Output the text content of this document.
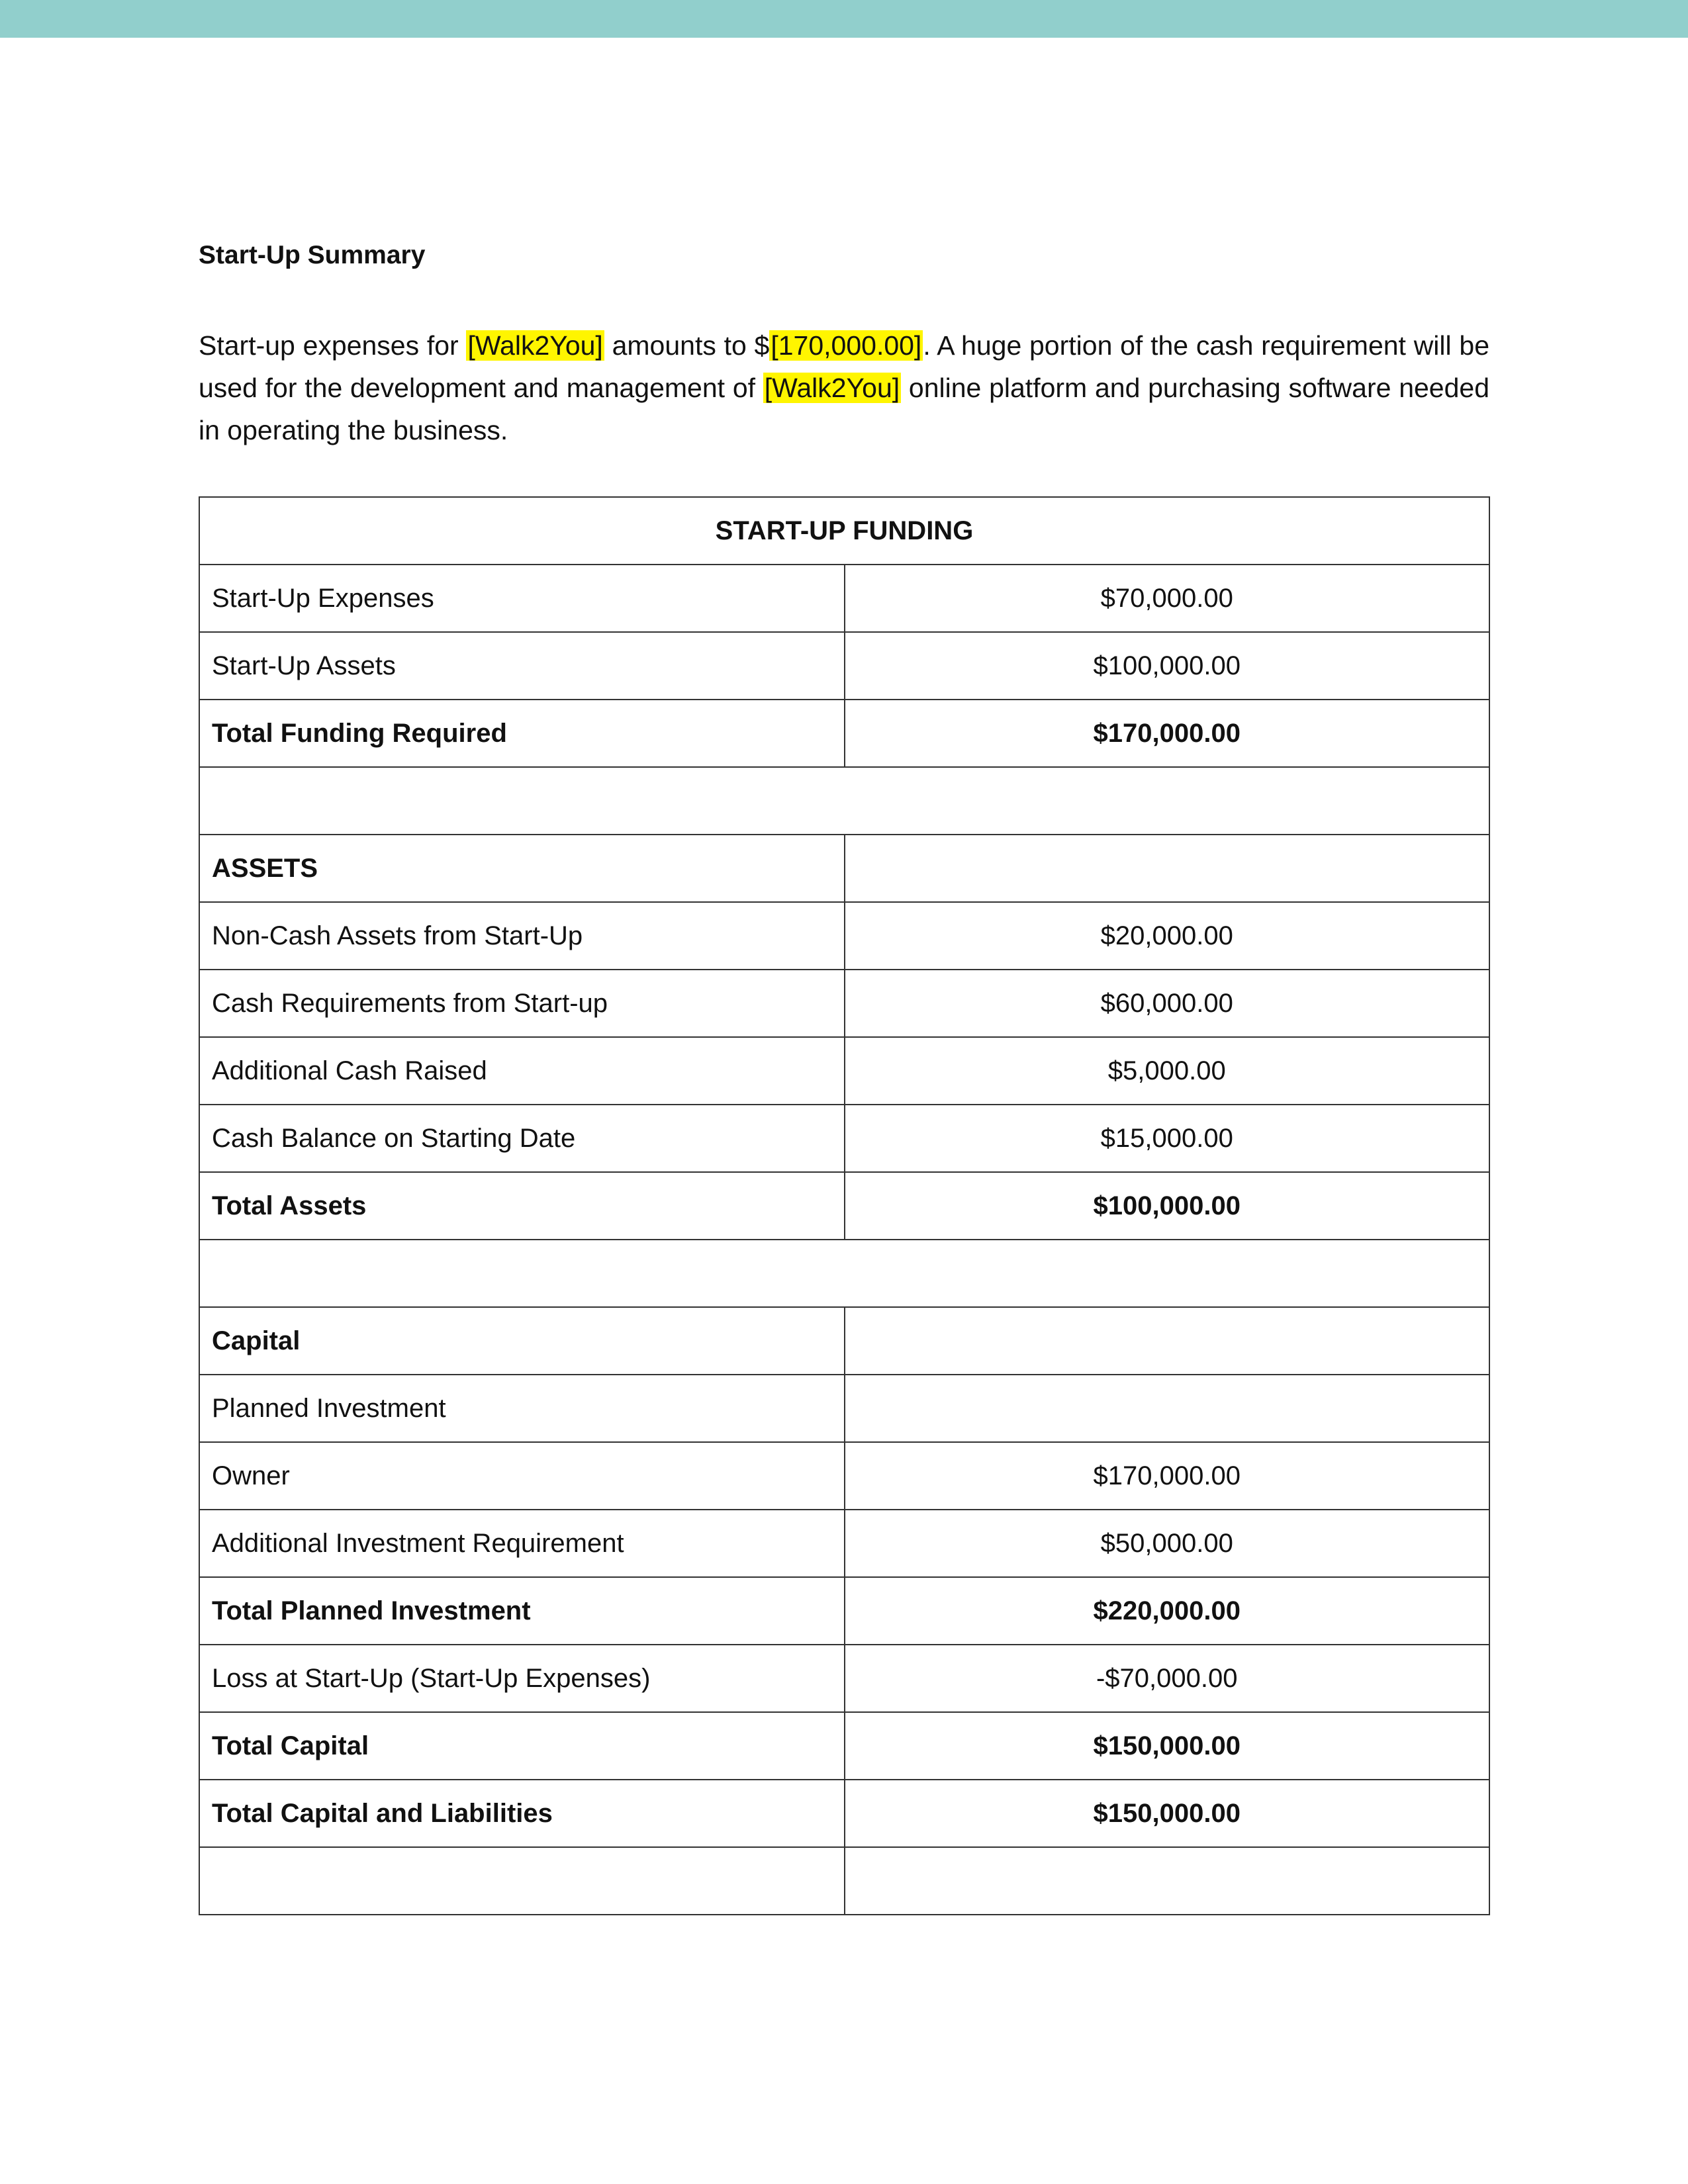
Start-Up Summary

Start-up expenses for [Walk2You] amounts to $[170,000.00]. A huge portion of the cash requirement will be used for the development and management of [Walk2You] online platform and purchasing software needed in operating the business.

START-UP FUNDING	
Start-Up Expenses	$70,000.00
Start-Up Assets	$100,000.00
Total Funding Required	$170,000.00

ASSETS	
Non-Cash Assets from Start-Up	$20,000.00
Cash Requirements from Start-up	$60,000.00
Additional Cash Raised	$5,000.00
Cash Balance on Starting Date	$15,000.00
Total Assets	$100,000.00

Capital	
Planned Investment	
Owner	$170,000.00
Additional Investment Requirement	$50,000.00
Total Planned Investment	$220,000.00
Loss at Start-Up (Start-Up Expenses)	-$70,000.00
Total Capital	$150,000.00
Total Capital and Liabilities	$150,000.00
